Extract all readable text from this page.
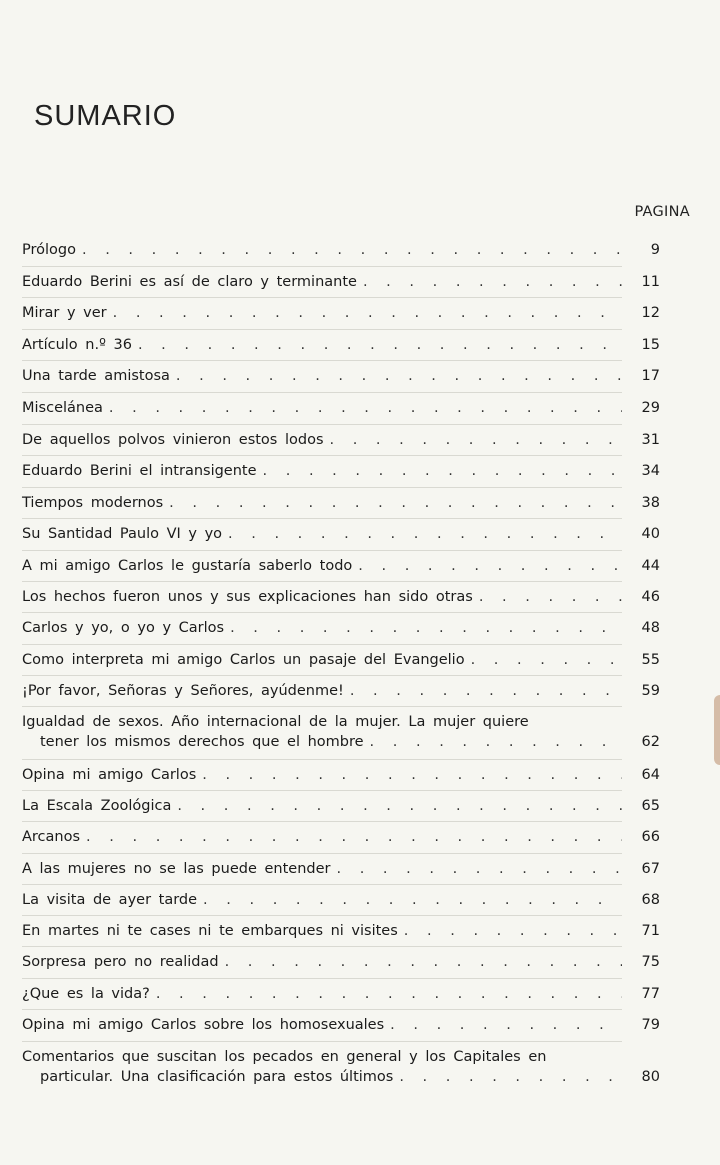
SUMARIO
PAGINA
Prólogo . . .	9
Eduardo Berini es así de claro y terminante . . .	11
Mirar y ver . . .	12
Artículo n.º 36 . . .	15
Una tarde amistosa . . .	17
Miscelánea . . .	29
De aquellos polvos vinieron estos lodos . . .	31
Eduardo Berini el intransigente . . .	34
Tiempos modernos . . .	38
Su Santidad Paulo VI y yo . . .	40
A mi amigo Carlos le gustaría saberlo todo . . .	44
Los hechos fueron unos y sus explicaciones han sido otras . . .	46
Carlos y yo, o yo y Carlos . . .	48
Como interpreta mi amigo Carlos un pasaje del Evangelio . . .	55
¡Por favor, Señoras y Señores, ayúdenme! . . .	59
Igualdad de sexos. Año internacional de la mujer. La mujer quiere
tener los mismos derechos que el hombre . . .	62
Opina mi amigo Carlos . . .	64
La Escala Zoológica . . .	65
Arcanos . . .	66
A las mujeres no se las puede entender . . .	67
La visita de ayer tarde . . .	68
En martes ni te cases ni te embarques ni visites . . .	71
Sorpresa pero no realidad . . .	75
¿Que es la vida? . . .	77
Opina mi amigo Carlos sobre los homosexuales . . .	79
Comentarios que suscitan los pecados en general y los Capitales en
particular. Una clasificación para estos últimos . . .	80
